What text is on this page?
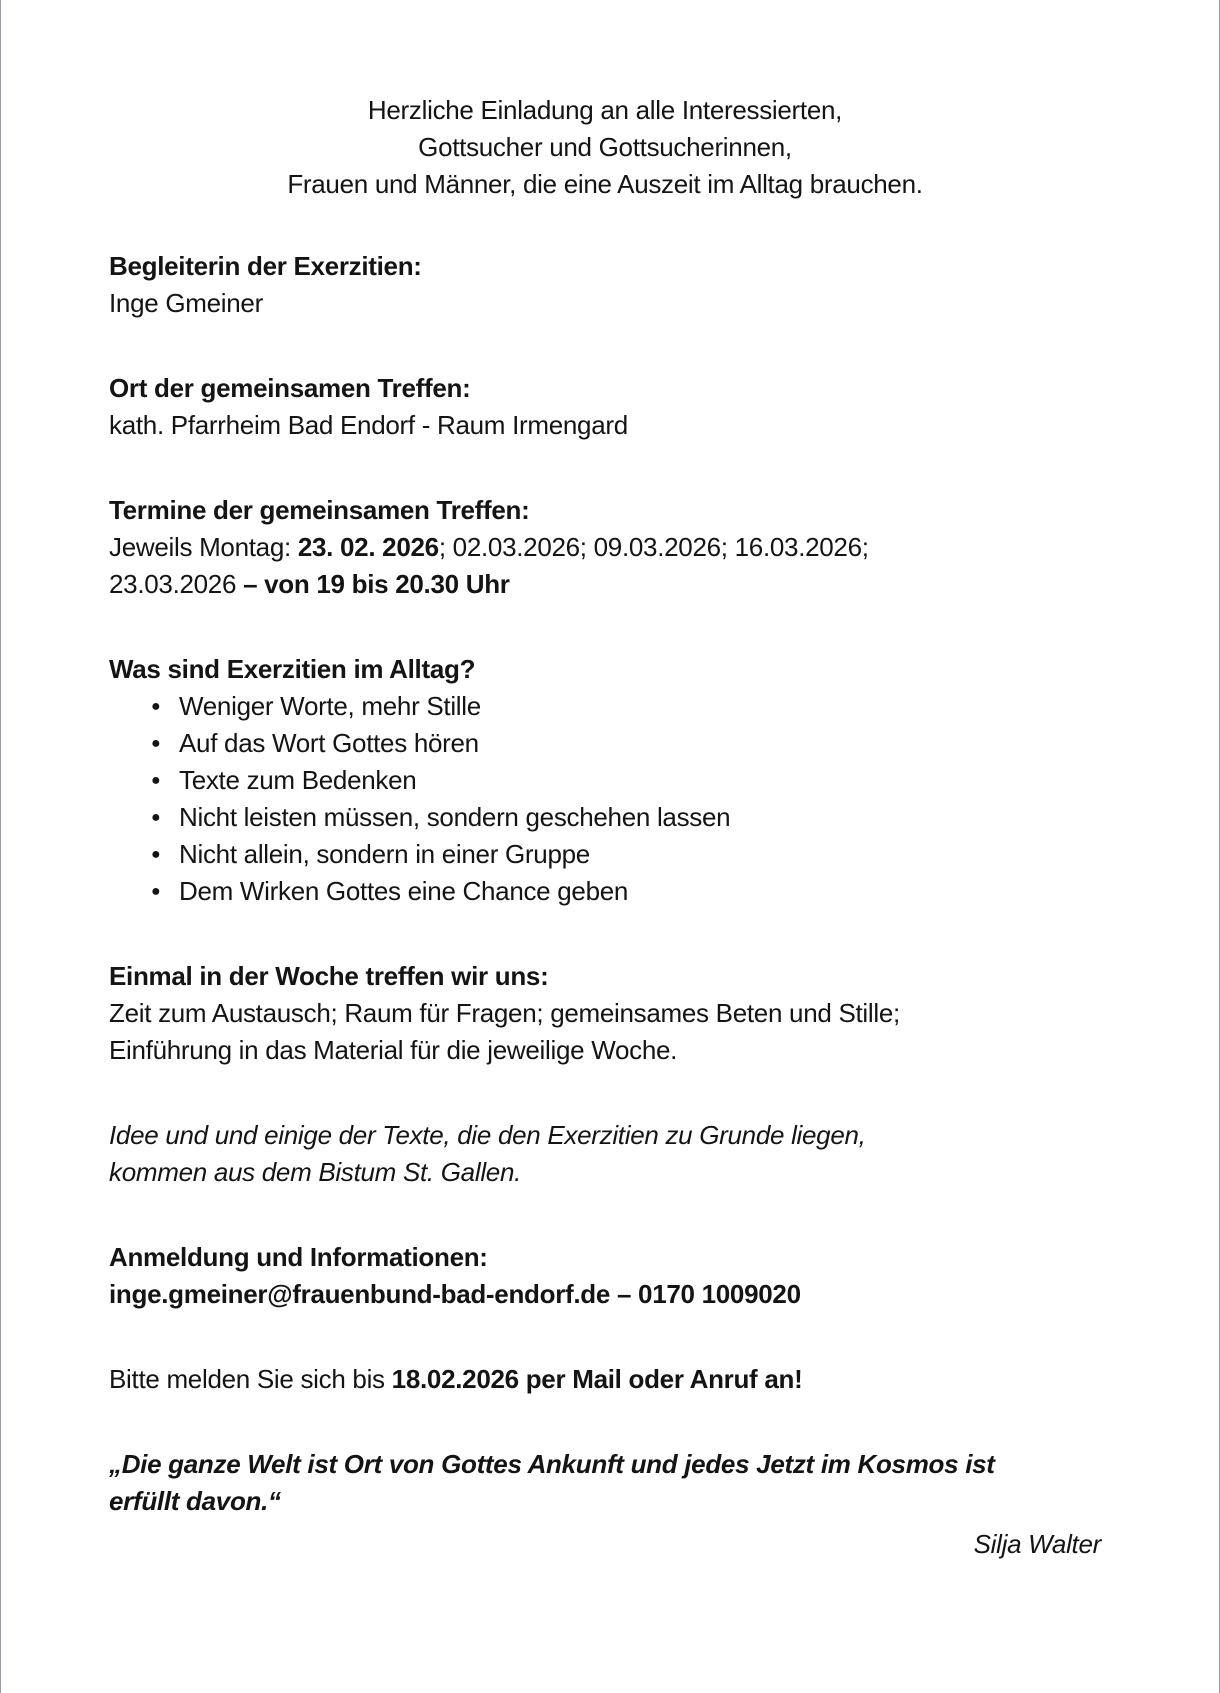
Herzliche Einladung an alle Interessierten,
Gottsucher und Gottsucherinnen,
Frauen und Männer, die eine Auszeit im Alltag brauchen.

Begleiterin der Exerzitien:

Inge Gmeiner

Ort der gemeinsamen Treffen:

kath. Pfarrheim Bad Endorf - Raum Irmengard

Termine der gemeinsamen Treffen:

Jeweils Montag: 23. 02. 2026; 02.03.2026; 09.03.2026; 16.03.2026;
23.03.2026 – von 19 bis 20.30 Uhr

Was sind Exerzitien im Alltag?

● Weniger Worte, mehr Stille
● Auf das Wort Gottes hören
● Texte zum Bedenken
● Nicht leisten müssen, sondern geschehen lassen
● Nicht allein, sondern in einer Gruppe
● Dem Wirken Gottes eine Chance geben

Einmal in der Woche treffen wir uns:

Zeit zum Austausch; Raum für Fragen; gemeinsames Beten und Stille;
Einführung in das Material für die jeweilige Woche.

Idee und und einige der Texte, die den Exerzitien zu Grunde liegen,
kommen aus dem Bistum St. Gallen.

Anmeldung und Informationen:

inge.gmeiner@frauenbund-bad-endorf.de – 0170 1009020

Bitte melden Sie sich bis 18.02.2026 per Mail oder Anruf an!

„Die ganze Welt ist Ort von Gottes Ankunft und jedes Jetzt im Kosmos ist
erfüllt davon.“

Silja Walter
